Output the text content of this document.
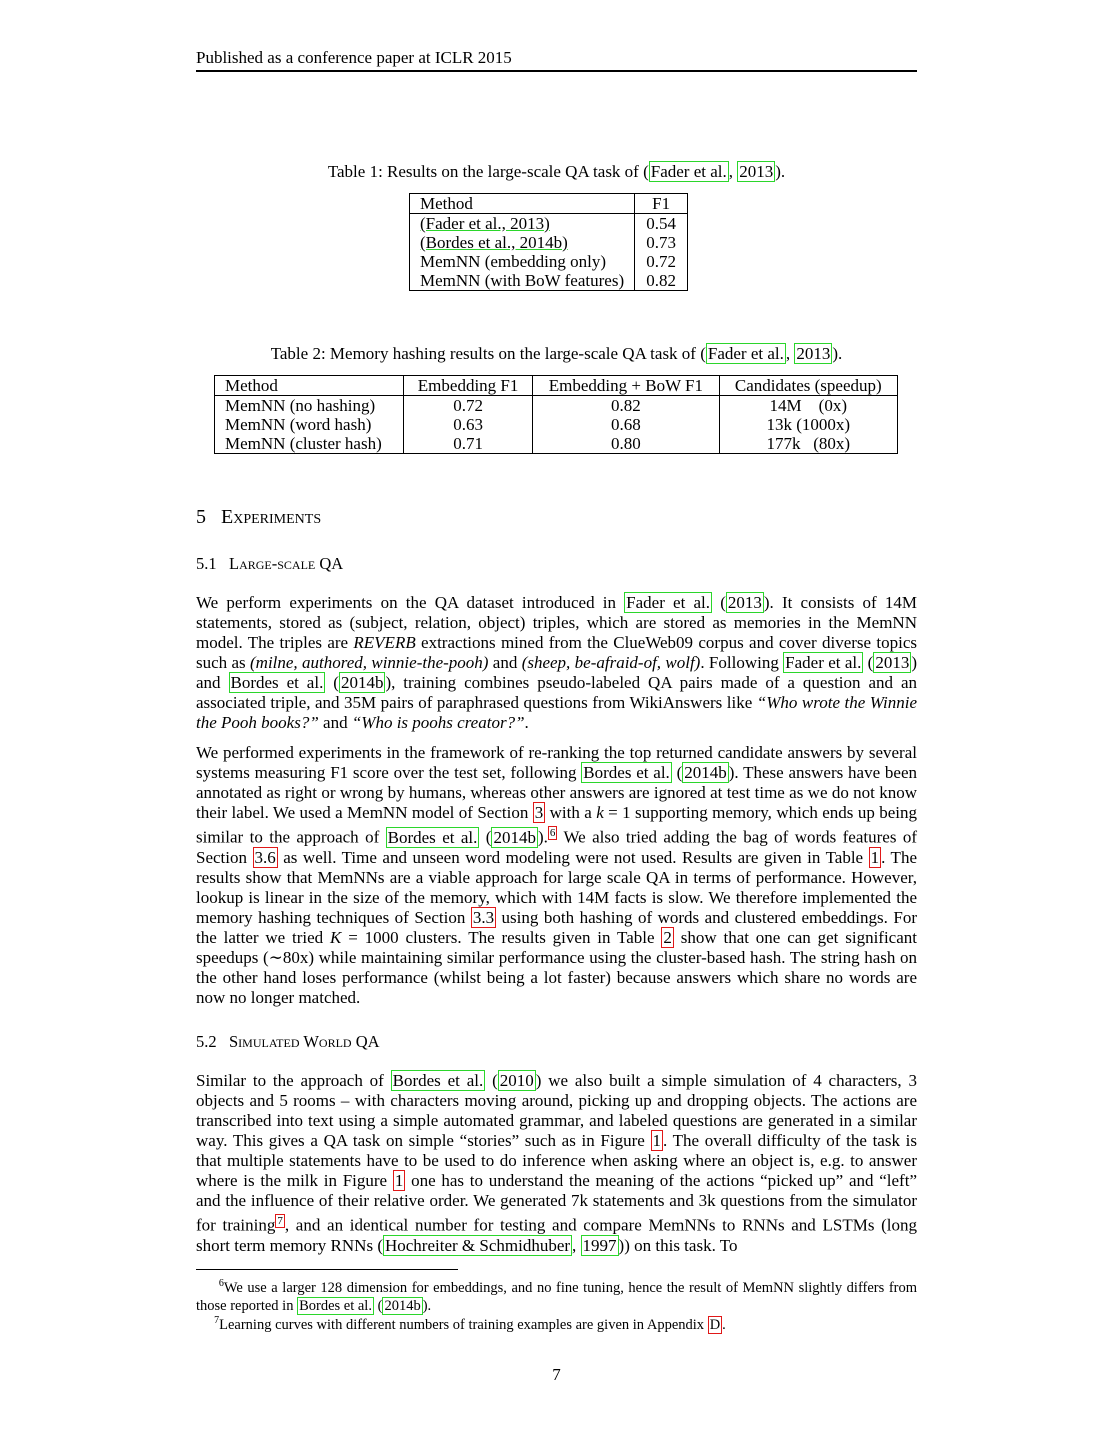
Published as a conference paper at ICLR 2015
Table 1: Results on the large-scale QA task of ( Fader et al. , 2013 ).
Method	F1
(Fader et al., 2013)	0.54
(Bordes et al., 2014b)	0.73
MemNN (embedding only)	0.72
MemNN (with BoW features)	0.82
Table 2: Memory hashing results on the large-scale QA task of ( Fader et al. , 2013 ).
Method	Embedding F1	Embedding + BoW F1	Candidates (speedup)
MemNN (no hashing)	0.72	0.82	14M    (0x)
MemNN (word hash)	0.63	0.68	13k (1000x)
MemNN (cluster hash)	0.71	0.80	177k   (80x)
5 Experiments
5.1 Large-scale QA
We perform experiments on the QA dataset introduced in Fader et al. ( 2013 ). It consists of 14M statements, stored as (subject, relation, object) triples, which are stored as memories in the MemNN model. The triples are REVERB extractions mined from the ClueWeb09 corpus and cover diverse topics such as (milne, authored, winnie-the-pooh) and (sheep, be-afraid-of, wolf). Following Fader et al. ( 2013 ) and Bordes et al. ( 2014b ), training combines pseudo-labeled QA pairs made of a question and an associated triple, and 35M pairs of paraphrased questions from WikiAnswers like “Who wrote the Winnie the Pooh books?” and “Who is poohs creator?”.
We performed experiments in the framework of re-ranking the top returned candidate answers by several systems measuring F1 score over the test set, following Bordes et al. ( 2014b ). These answers have been annotated as right or wrong by humans, whereas other answers are ignored at test time as we do not know their label. We used a MemNN model of Section 3 with a k = 1 supporting memory, which ends up being similar to the approach of Bordes et al. ( 2014b ). $^6$ We also tried adding the bag of words features of Section 3.6 as well. Time and unseen word modeling were not used. Results are given in Table 1 . The results show that MemNNs are a viable approach for large scale QA in terms of performance. However, lookup is linear in the size of the memory, which with 14M facts is slow. We therefore implemented the memory hashing techniques of Section 3.3 using both hashing of words and clustered embeddings. For the latter we tried K = 1000 clusters. The results given in Table 2 show that one can get significant speedups (∼80x) while maintaining similar performance using the cluster-based hash. The string hash on the other hand loses performance (whilst being a lot faster) because answers which share no words are now no longer matched.
5.2 Simulated World QA
Similar to the approach of Bordes et al. ( 2010 ) we also built a simple simulation of 4 characters, 3 objects and 5 rooms – with characters moving around, picking up and dropping objects. The actions are transcribed into text using a simple automated grammar, and labeled questions are generated in a similar way. This gives a QA task on simple “stories” such as in Figure 1 . The overall difficulty of the task is that multiple statements have to be used to do inference when asking where an object is, e.g. to answer where is the milk in Figure 1 one has to understand the meaning of the actions “picked up” and “left” and the influence of their relative order. We generated 7k statements and 3k questions from the simulator for training $^7$ , and an identical number for testing and compare MemNNs to RNNs and LSTMs (long short term memory RNNs ( Hochreiter & Schmidhuber , 1997 )) on this task. To
$^6$We use a larger 128 dimension for embeddings, and no fine tuning, hence the result of MemNN slightly differs from those reported in Bordes et al. ( 2014b ).
$^7$Learning curves with different numbers of training examples are given in Appendix D .
7
